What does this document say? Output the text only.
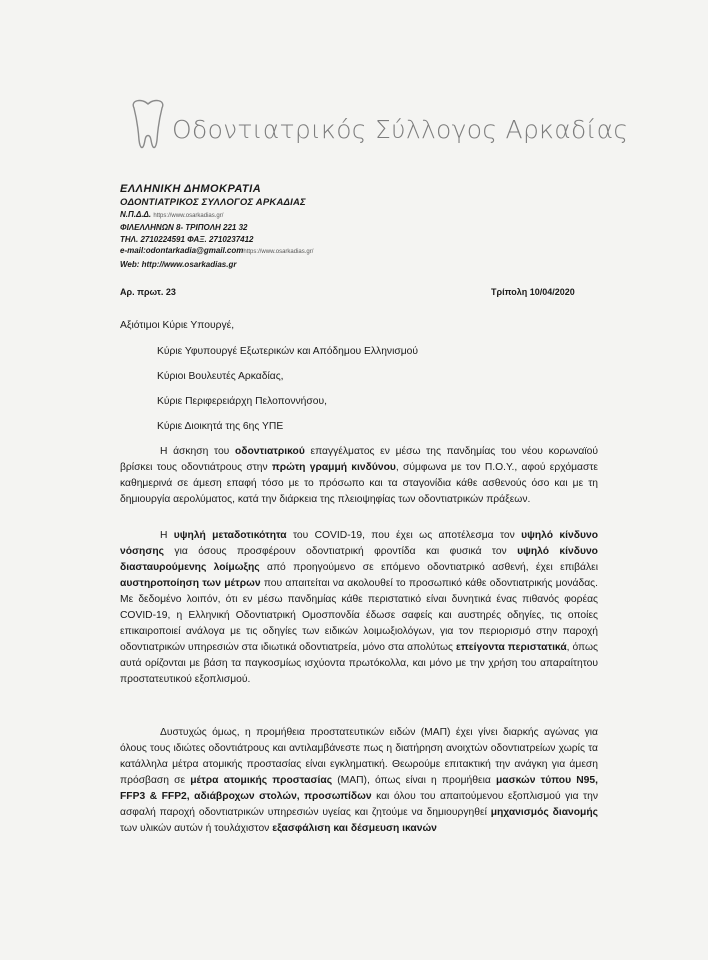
Οδοντιατρικός Σύλλογος Αρκαδίας
ΕΛΛΗΝΙΚΗ ΔΗΜΟΚΡΑΤΙΑ
ΟΔΟΝΤΙΑΤΡΙΚΟΣ ΣΥΛΛΟΓΟΣ ΑΡΚΑΔΙΑΣ
Ν.Π.Δ.Δ. https://www.osarkadias.gr/
ΦΙΛΕΛΛΗΝΩΝ 8- ΤΡΙΠΟΛΗ 221 32
ΤΗΛ. 2710224591 ΦΑΞ. 2710237412
e-mail:odontarkadia@gmail.comhttps://www.osarkadias.gr/
Web: http://www.osarkadias.gr
Αρ. πρωτ. 23	Τρίπολη 10/04/2020
Αξιότιμοι Κύριε Υπουργέ,
Κύριε Υφυπουργέ Εξωτερικών και Απόδημου Ελληνισμού
Κύριοι Βουλευτές Αρκαδίας,
Κύριε Περιφερειάρχη Πελοποννήσου,
Κύριε Διοικητά της 6ης ΥΠΕ

Η άσκηση του οδοντιατρικού επαγγέλματος εν μέσω της πανδημίας του νέου κορωναϊού βρίσκει τους οδοντιάτρους στην πρώτη γραμμή κινδύνου, σύμφωνα με τον Π.Ο.Υ., αφού ερχόμαστε καθημερινά σε άμεση επαφή τόσο με το πρόσωπο και τα σταγονίδια κάθε ασθενούς όσο και με τη δημιουργία αερολύματος, κατά την διάρκεια της πλειοψηφίας των οδοντιατρικών πράξεων.

Η υψηλή μεταδοτικότητα του COVID-19, που έχει ως αποτέλεσμα τον υψηλό κίνδυνο νόσησης για όσους προσφέρουν οδοντιατρική φροντίδα και φυσικά τον υψηλό κίνδυνο διασταυρούμενης λοίμωξης από προηγούμενο σε επόμενο οδοντιατρικό ασθενή, έχει επιβάλει αυστηροποίηση των μέτρων που απαιτείται να ακολουθεί το προσωπικό κάθε οδοντιατρικής μονάδας. Με δεδομένο λοιπόν, ότι εν μέσω πανδημίας κάθε περιστατικό είναι δυνητικά ένας πιθανός φορέας COVID-19, η Ελληνική Οδοντιατρική Ομοσπονδία έδωσε σαφείς και αυστηρές οδηγίες, τις οποίες επικαιροποιεί ανάλογα με τις οδηγίες των ειδικών λοιμωξιολόγων, για τον περιορισμό στην παροχή οδοντιατρικών υπηρεσιών στα ιδιωτικά οδοντιατρεία, μόνο στα απολύτως επείγοντα περιστατικά, όπως αυτά ορίζονται με βάση τα παγκοσμίως ισχύοντα πρωτόκολλα, και μόνο με την χρήση του απαραίτητου προστατευτικού εξοπλισμού.

Δυστυχώς όμως, η προμήθεια προστατευτικών ειδών (ΜΑΠ) έχει γίνει διαρκής αγώνας για όλους τους ιδιώτες οδοντιάτρους και αντιλαμβάνεστε πως η διατήρηση ανοιχτών οδοντιατρείων χωρίς τα κατάλληλα μέτρα ατομικής προστασίας είναι εγκληματική. Θεωρούμε επιτακτική την ανάγκη για άμεση πρόσβαση σε μέτρα ατομικής προστασίας (ΜΑΠ), όπως είναι η προμήθεια μασκών τύπου N95, FFP3 & FFP2, αδιάβροχων στολών, προσωπίδων και όλου του απαιτούμενου εξοπλισμού για την ασφαλή παροχή οδοντιατρικών υπηρεσιών υγείας και ζητούμε να δημιουργηθεί μηχανισμός διανομής των υλικών αυτών ή τουλάχιστον εξασφάλιση και δέσμευση ικανών
